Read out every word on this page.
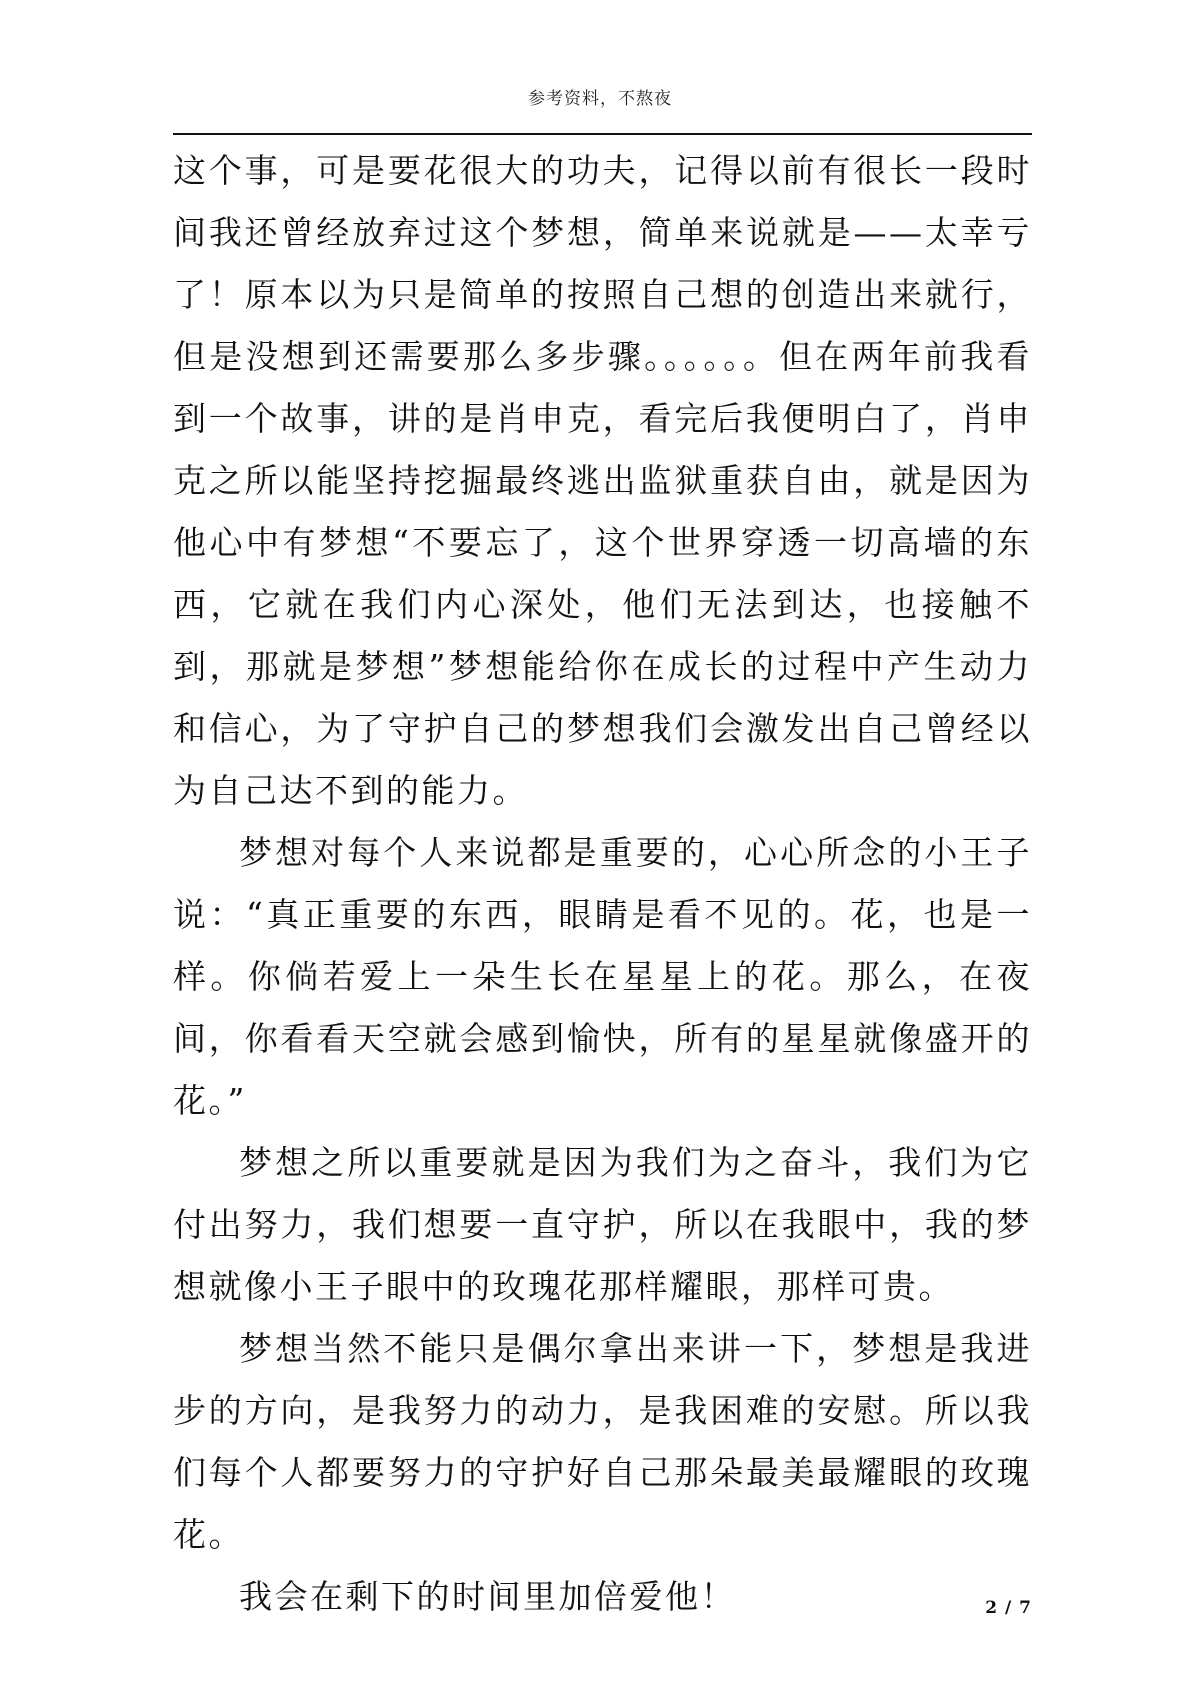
参考资料，不熬夜

这个事，可是要花很大的功夫，记得以前有很长一段时间我还曾经放弃过这个梦想，简单来说就是——太幸亏了！原本以为只是简单的按照自己想的创造出来就行，但是没想到还需要那么多步骤。。。。。。但在两年前我看到一个故事，讲的是肖申克，看完后我便明白了，肖申克之所以能坚持挖掘最终逃出监狱重获自由，就是因为他心中有梦想“不要忘了，这个世界穿透一切高墙的东西，它就在我们内心深处，他们无法到达，也接触不到，那就是梦想”梦想能给你在成长的过程中产生动力和信心，为了守护自己的梦想我们会激发出自己曾经以为自己达不到的能力。

梦想对每个人来说都是重要的，心心所念的小王子说：“真正重要的东西，眼睛是看不见的。花，也是一样。你倘若爱上一朵生长在星星上的花。那么，在夜间，你看看天空就会感到愉快，所有的星星就像盛开的花。”

梦想之所以重要就是因为我们为之奋斗，我们为它付出努力，我们想要一直守护，所以在我眼中，我的梦想就像小王子眼中的玫瑰花那样耀眼，那样可贵。

梦想当然不能只是偶尔拿出来讲一下，梦想是我进步的方向，是我努力的动力，是我困难的安慰。所以我们每个人都要努力的守护好自己那朵最美最耀眼的玫瑰花。

我会在剩下的时间里加倍爱他！	2 / 7
